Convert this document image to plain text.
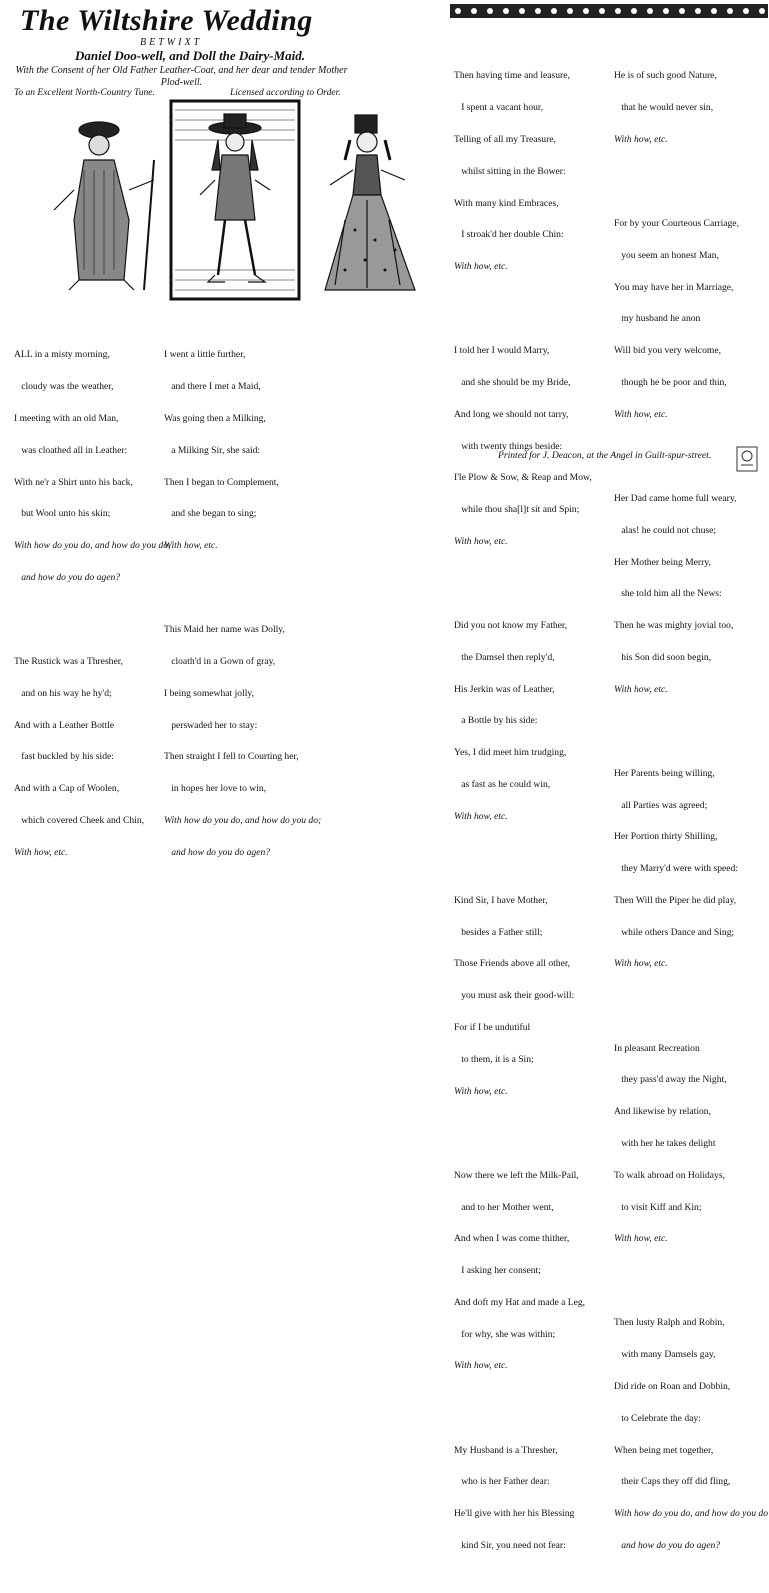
The Wiltshire Wedding
BETWIXT
Daniel Doo-well, and Doll the Dairy-Maid.
With the Consent of her Old Father Leather-Coat, and her dear and tender Mother Plod-well.
To an Excellent North-Country Tune.	Licensed according to Order.

ALL in a misty morning,

cloudy was the weather,

I meeting with an old Man,

was cloathed all in Leather:

With ne'r a Shirt unto his back,

but Wool unto his skin;

With how do you do, and how do you do,

and how do you do agen?

The Rustick was a Thresher,

and on his way he hy'd;

And with a Leather Bottle

fast buckled by his side:

And with a Cap of Woolen,

which covered Cheek and Chin,

With how, etc.

I went a little further,

and there I met a Maid,

Was going then a Milking,

a Milking Sir, she said:

Then I began to Complement,

and she began to sing;

With how, etc.

This Maid her name was Dolly,

cloath'd in a Gown of gray,

I being somewhat jolly,

perswaded her to stay:

Then straight I fell to Courting her,

in hopes her love to win,

With how do you do, and how do you do;

and how do you do agen?

Then having time and leasure,

I spent a vacant hour,

Telling of all my Treasure,

whilst sitting in the Bower:

With many kind Embraces,

I stroak'd her double Chin:

With how, etc.

I told her I would Marry,

and she should be my Bride,

And long we should not tarry,

with twenty things beside:

I'le Plow & Sow, & Reap and Mow,

while thou sha[l]t sit and Spin;

With how, etc.

Did you not know my Father,

the Damsel then reply'd,

His Jerkin was of Leather,

a Bottle by his side:

Yes, I did meet him trudging,

as fast as he could win,

With how, etc.

Kind Sir, I have Mother,

besides a Father still;

Those Friends above all other,

you must ask their good-will:

For if I be undutiful

to them, it is a Sin;

With how, etc.

Now there we left the Milk-Pail,

and to her Mother went,

And when I was come thither,

I asking her consent;

And doft my Hat and made a Leg,

for why, she was within;

With how, etc.

My Husband is a Thresher,

who is her Father dear:

He'll give with her his Blessing

kind Sir, you need not fear:

He is of such good Nature,

that he would never sin,

With how, etc.

For by your Courteous Carriage,

you seem an honest Man,

You may have her in Marriage,

my husband he anon

Will bid you very welcome,

though he be poor and thin,

With how, etc.

Her Dad came home full weary,

alas! he could not chuse;

Her Mother being Merry,

she told him all the News:

Then he was mighty jovial too,

his Son did soon begin,

With how, etc.

Her Parents being willing,

all Parties was agreed;

Her Portion thirty Shilling,

they Marry'd were with speed:

Then Will the Piper he did play,

while others Dance and Sing;

With how, etc.

In pleasant Recreation

they pass'd away the Night,

And likewise by relation,

with her he takes delight

To walk abroad on Holidays,

to visit Kiff and Kin;

With how, etc.

Then lusty Ralph and Robin,

with many Damsels gay,

Did ride on Roan and Dobbin,

to Celebrate the day:

When being met together,

their Caps they off did fling,

With how do you do, and how do you do

and how do you do agen?

Printed for J. Deacon, at the Angel in Guilt-spur-street.
